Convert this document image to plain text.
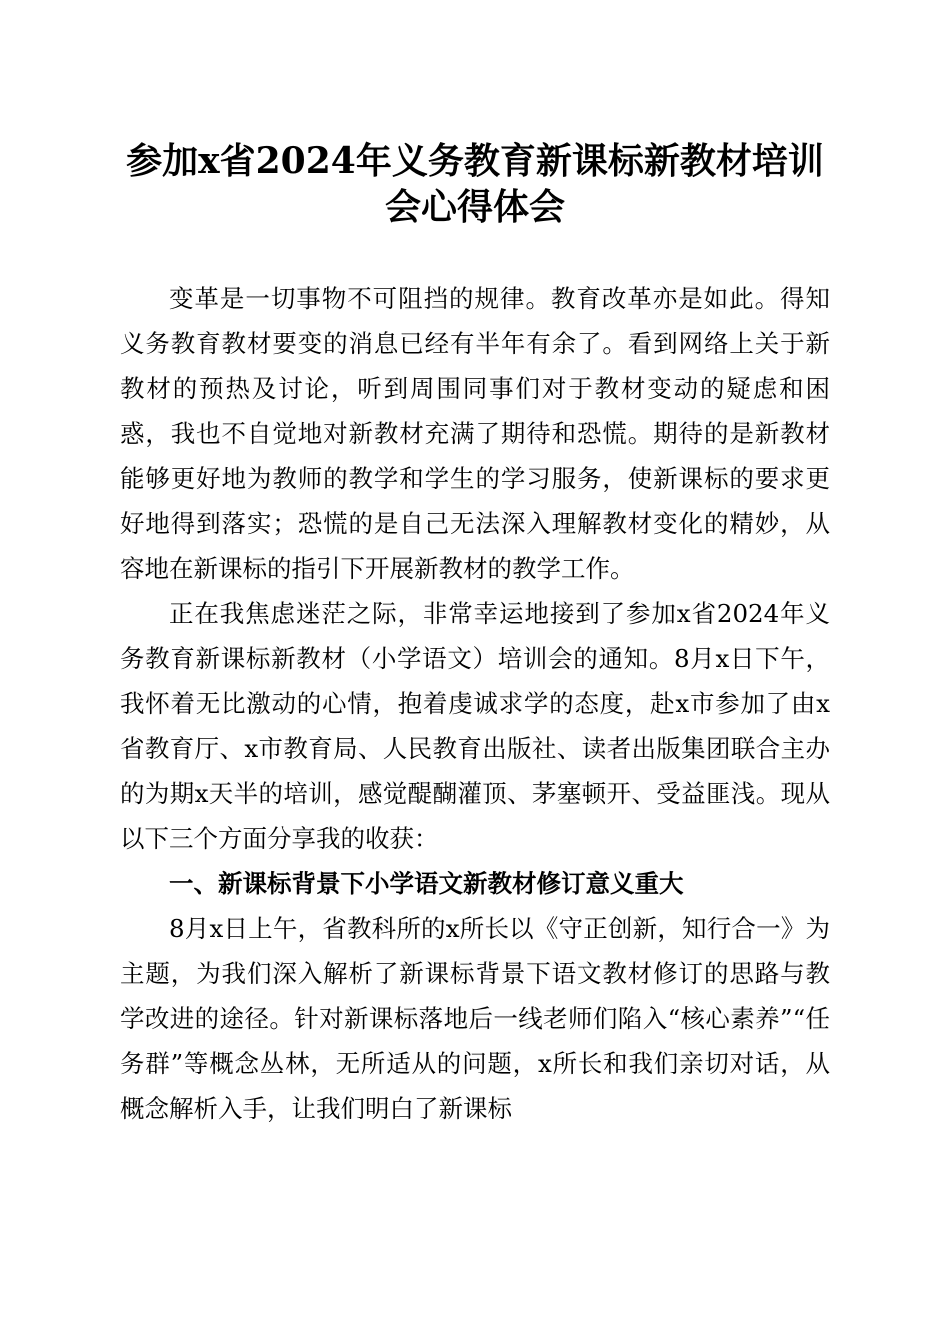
参加x省2024年义务教育新课标新教材培训
会心得体会

变革是一切事物不可阻挡的规律。教育改革亦是如此。得知义务教育教材要变的消息已经有半年有余了。看到网络上关于新教材的预热及讨论，听到周围同事们对于教材变动的疑虑和困惑，我也不自觉地对新教材充满了期待和恐慌。期待的是新教材能够更好地为教师的教学和学生的学习服务，使新课标的要求更好地得到落实；恐慌的是自己无法深入理解教材变化的精妙，从容地在新课标的指引下开展新教材的教学工作。

正在我焦虑迷茫之际，非常幸运地接到了参加x省2024年义务教育新课标新教材（小学语文）培训会的通知。8月x日下午，我怀着无比激动的心情，抱着虔诚求学的态度，赴x市参加了由x省教育厅、x市教育局、人民教育出版社、读者出版集团联合主办的为期x天半的培训，感觉醍醐灌顶、茅塞顿开、受益匪浅。现从以下三个方面分享我的收获：

一、新课标背景下小学语文新教材修订意义重大

8月x日上午，省教科所的x所长以《守正创新，知行合一》为主题，为我们深入解析了新课标背景下语文教材修订的思路与教学改进的途径。针对新课标落地后一线老师们陷入“核心素养”“任务群”等概念丛林，无所适从的问题，x所长和我们亲切对话，从概念解析入手，让我们明白了新课标
